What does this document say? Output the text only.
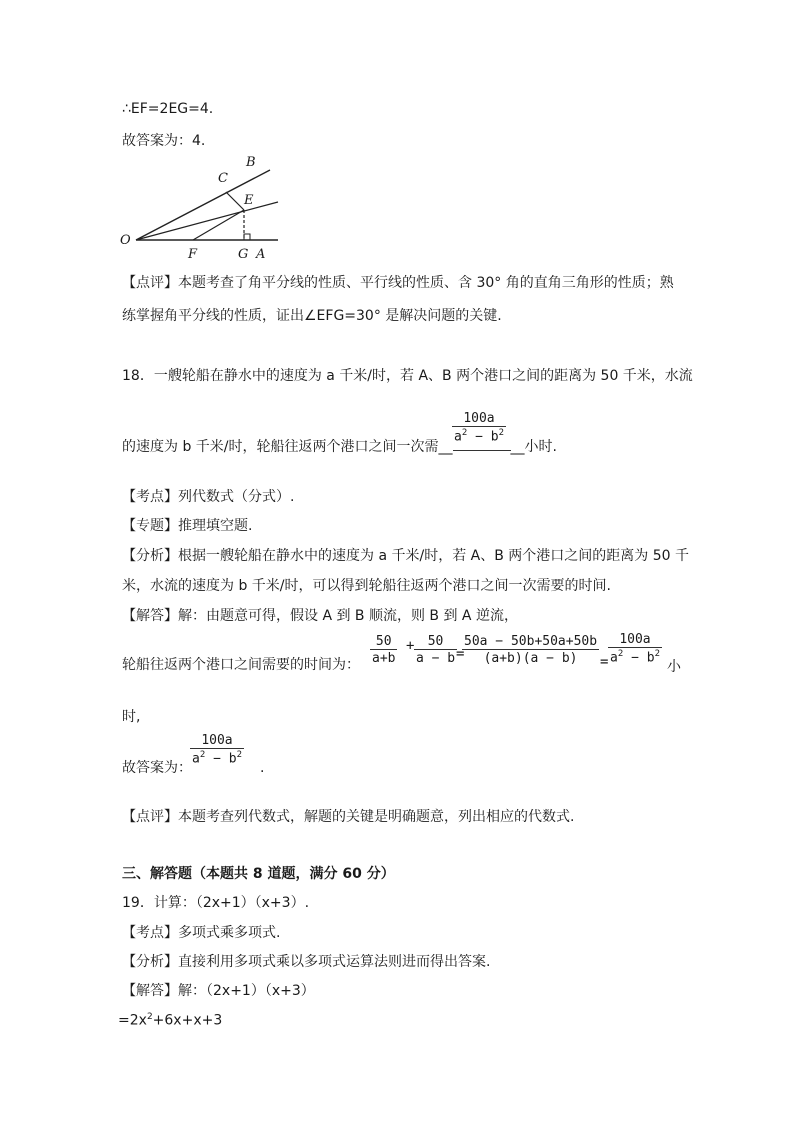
∴EF=2EG=4.
故答案为：4.
O
B
C
E
F	G A
【点评】本题考查了角平分线的性质、平行线的性质、含 30° 角的直角三角形的性质；熟
练掌握角平分线的性质，证出∠EFG=30° 是解决问题的关键.
18．一艘轮船在静水中的速度为 a 千米/时，若 A、B 两个港口之间的距离为 50 千米，水流
$\frac{100a}{a^2 - b^2}$
的速度为 b 千米/时，轮船往返两个港口之间一次需__	__小时.
【考点】列代数式（分式）.
【专题】推理填空题.
【分析】根据一艘轮船在静水中的速度为 a 千米/时，若 A、B 两个港口之间的距离为 50 千
米，水流的速度为 b 千米/时，可以得到轮船往返两个港口之间一次需要的时间.
【解答】解：由题意可得，假设 A 到 B 顺流，则 B 到 A 逆流，
轮船往返两个港口之间需要的时间为： $\frac{50}{a+b} + \frac{50}{a - b}$
=
$\frac{50a - 50b+50a+50b}{(a+b)(a - b)} = \frac{100a}{a^2 - b^2}$
小
时,
$\frac{100a}{a^2 - b^2}$
故答案为：	.
【点评】本题考查列代数式，解题的关键是明确题意，列出相应的代数式.
三、解答题（本题共 8 道题，满分 60 分）
19．计算：（2x+1）（x+3）.
【考点】多项式乘多项式.
【分析】直接利用多项式乘以多项式运算法则进而得出答案.
【解答】解：（2x+1）（x+3）
$=2x^2+6x+x+3$
